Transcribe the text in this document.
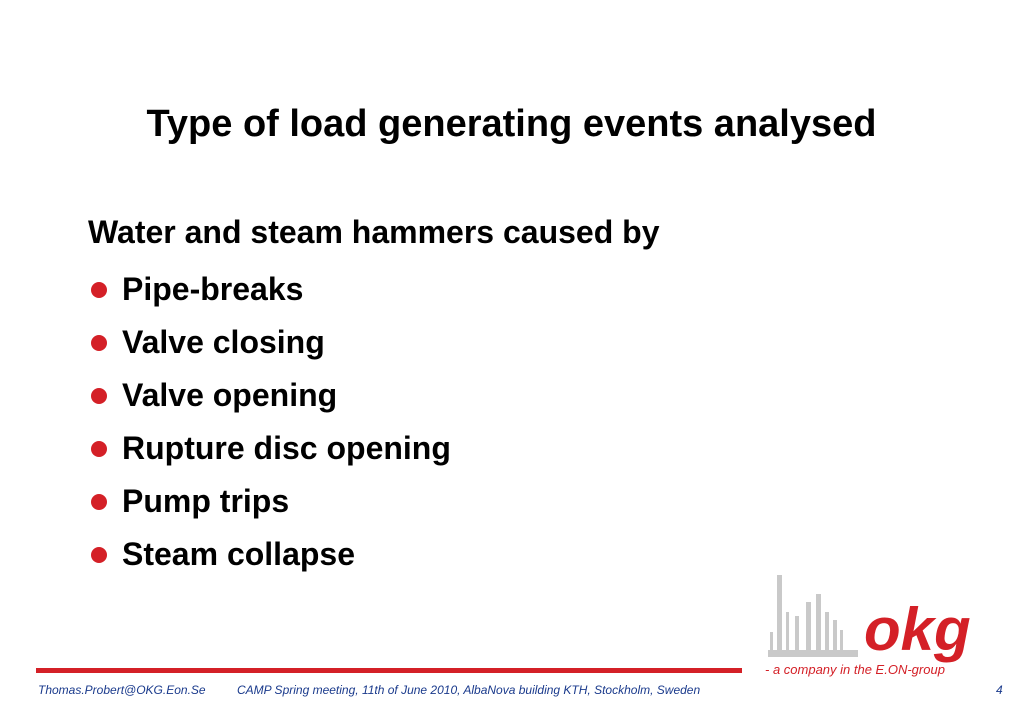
Type of load generating events analysed

Water and steam hammers caused by

Pipe-breaks
Valve closing
Valve opening
Rupture disc opening
Pump trips
Steam collapse
okg
- a company in the E.ON-group
Thomas.Probert@OKG.Eon.Se	CAMP Spring meeting, 11th of June 2010, AlbaNova building KTH, Stockholm, Sweden	4
